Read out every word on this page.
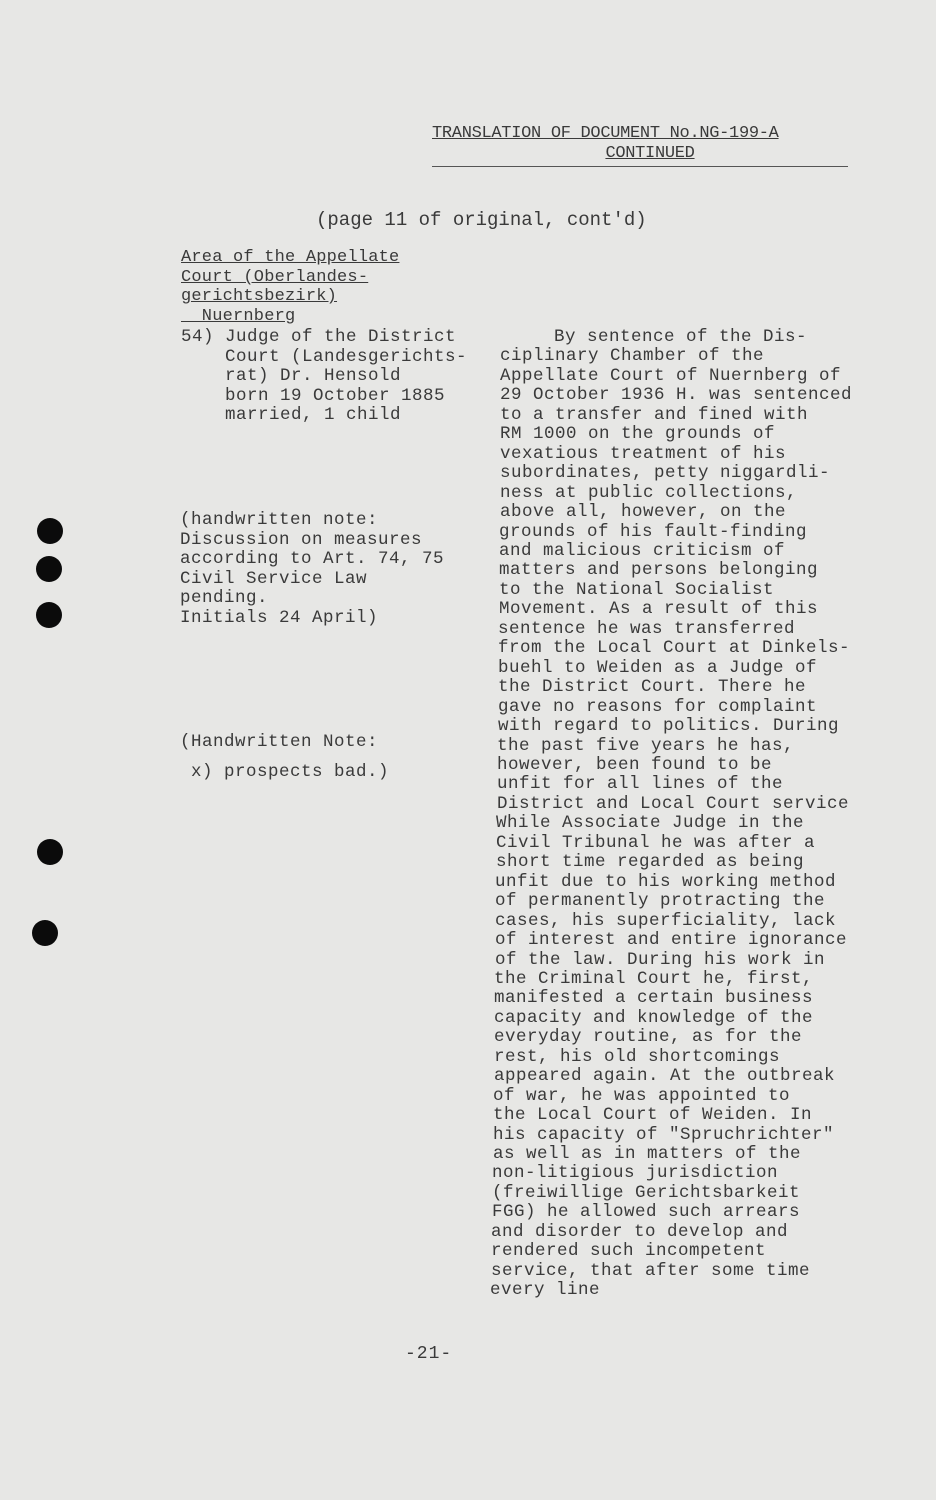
TRANSLATION OF DOCUMENT No.NG-199-A
CONTINUED
(page 11 of original, cont'd)
Area of the Appellate
Court (Oberlandes-
gerichtsbezirk)
Nuernberg
54) Judge of the District
Court (Landesgerichts-
rat) Dr. Hensold
born 19 October 1885
married, 1 child
(handwritten note:
Discussion on measures
according to Art. 74, 75
Civil Service Law
pending.
Initials 24 April)
(Handwritten Note:
x) prospects bad.)
By sentence of the Dis-
ciplinary Chamber of the
Appellate Court of Nuernberg of
29 October 1936 H. was sentenced
to a transfer and fined with
RM 1000 on the grounds of
vexatious treatment of his
subordinates, petty niggardli-
ness at public collections,
above all, however, on the
grounds of his fault-finding
and malicious criticism of
matters and persons belonging
to the National Socialist
Movement. As a result of this
sentence he was transferred
from the Local Court at Dinkels-
buehl to Weiden as a Judge of
the District Court. There he
gave no reasons for complaint
with regard to politics. During
the past five years he has,
however, been found to be
unfit for all lines of the
District and Local Court service
While Associate Judge in the
Civil Tribunal he was after a
short time regarded as being
unfit due to his working method
of permanently protracting the
cases, his superficiality, lack
of interest and entire ignorance
of the law. During his work in
the Criminal Court he, first,
manifested a certain business
capacity and knowledge of the
everyday routine, as for the
rest, his old shortcomings
appeared again. At the outbreak
of war, he was appointed to
the Local Court of Weiden. In
his capacity of "Spruchrichter"
as well as in matters of the
non-litigious jurisdiction
(freiwillige Gerichtsbarkeit
FGG) he allowed such arrears
and disorder to develop and
rendered such incompetent
service, that after some time
every line
-21-
